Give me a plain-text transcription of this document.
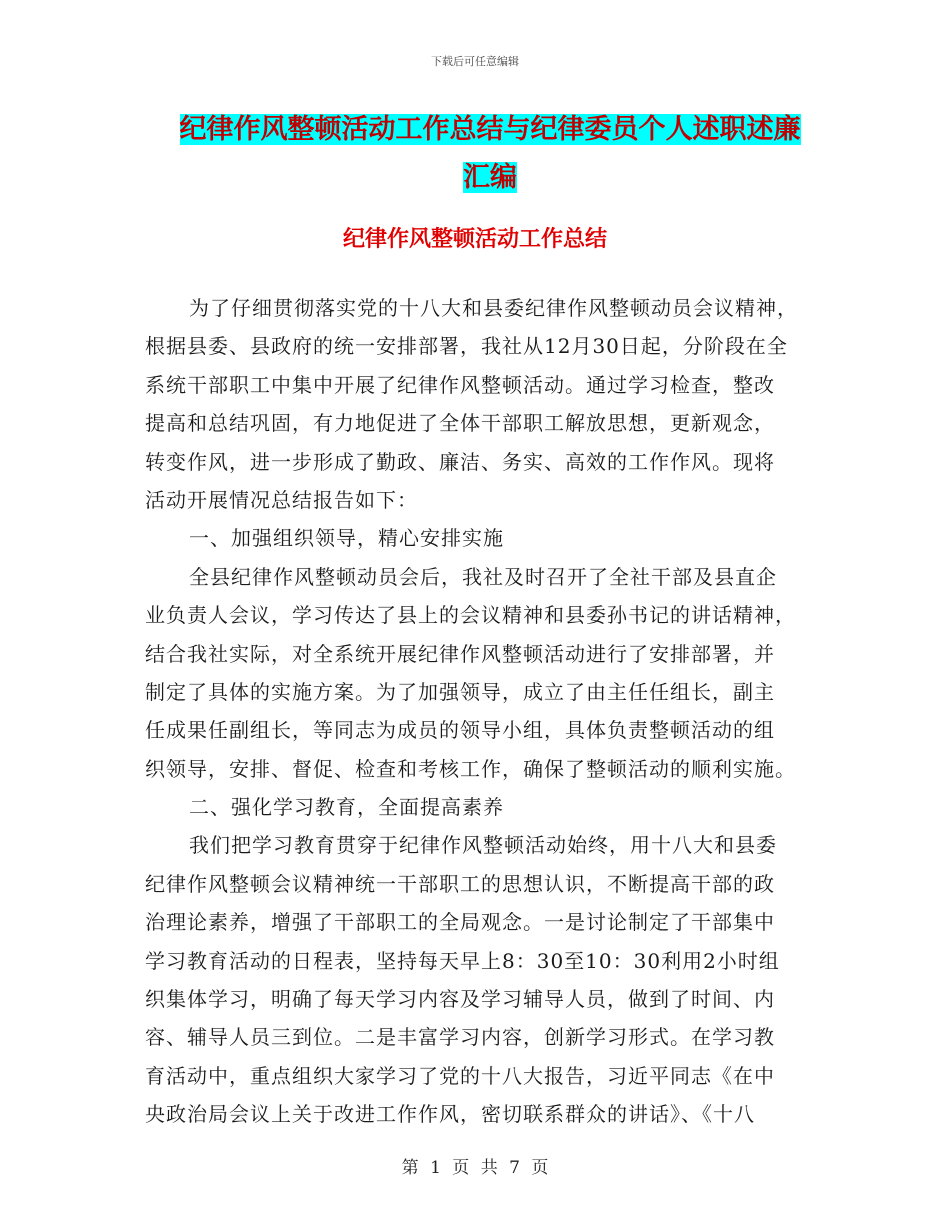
下载后可任意编辑
纪律作风整顿活动工作总结与纪律委员个人述职述廉
汇编
纪律作风整顿活动工作总结
为了仔细贯彻落实党的十八大和县委纪律作风整顿动员会议精神，
根据县委、县政府的统一安排部署，我社从12月30日起，分阶段在全
系统干部职工中集中开展了纪律作风整顿活动。通过学习检查，整改
提高和总结巩固，有力地促进了全体干部职工解放思想，更新观念，
转变作风，进一步形成了勤政、廉洁、务实、高效的工作作风。现将
活动开展情况总结报告如下：
一、加强组织领导，精心安排实施
全县纪律作风整顿动员会后，我社及时召开了全社干部及县直企
业负责人会议，学习传达了县上的会议精神和县委孙书记的讲话精神，
结合我社实际，对全系统开展纪律作风整顿活动进行了安排部署，并
制定了具体的实施方案。为了加强领导，成立了由主任任组长，副主
任成果任副组长，等同志为成员的领导小组，具体负责整顿活动的组
织领导，安排、督促、检查和考核工作，确保了整顿活动的顺利实施。
二、强化学习教育，全面提高素养
我们把学习教育贯穿于纪律作风整顿活动始终，用十八大和县委
纪律作风整顿会议精神统一干部职工的思想认识，不断提高干部的政
治理论素养，增强了干部职工的全局观念。一是讨论制定了干部集中
学习教育活动的日程表，坚持每天早上8：30至10：30利用2小时组
织集体学习，明确了每天学习内容及学习辅导人员，做到了时间、内
容、辅导人员三到位。二是丰富学习内容，创新学习形式。在学习教
育活动中，重点组织大家学习了党的十八大报告，习近平同志《在中
央政治局会议上关于改进工作作风，密切联系群众的讲话》、《十八
第 1 页 共 7 页
